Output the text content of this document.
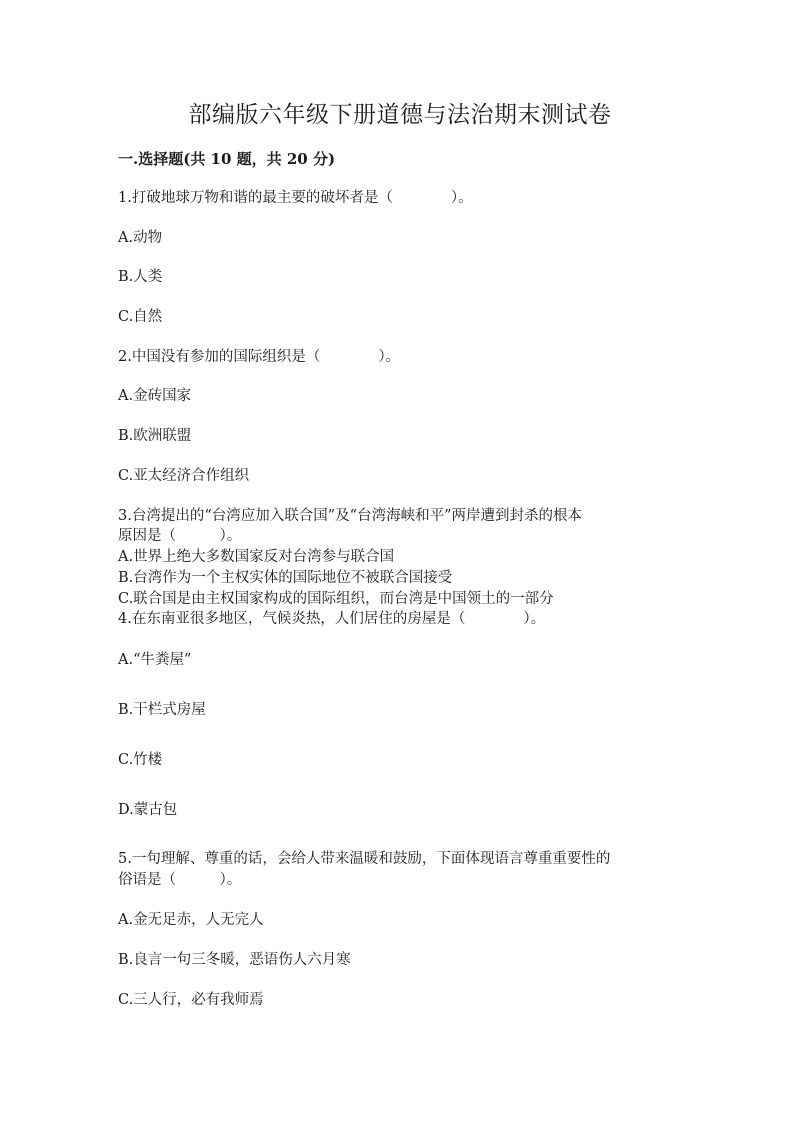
部编版六年级下册道德与法治期末测试卷
一.选择题(共 10 题，共 20 分)
1.打破地球万物和谐的最主要的破坏者是（　　　　）。
A.动物
B.人类
C.自然
2.中国没有参加的国际组织是（　　　　）。
A.金砖国家
B.欧洲联盟
C.亚太经济合作组织
3.台湾提出的“台湾应加入联合国”及“台湾海峡和平”两岸遭到封杀的根本
原因是（　　　）。
A.世界上绝大多数国家反对台湾参与联合国
B.台湾作为一个主权实体的国际地位不被联合国接受
C.联合国是由主权国家构成的国际组织，而台湾是中国领土的一部分
4.在东南亚很多地区，气候炎热，人们居住的房屋是（　　　　）。
A.“牛粪屋”
B.干栏式房屋
C.竹楼
D.蒙古包
5.一句理解、尊重的话，会给人带来温暖和鼓励，下面体现语言尊重重要性的
俗语是（　　　）。
A.金无足赤，人无完人
B.良言一句三冬暖，恶语伤人六月寒
C.三人行，必有我师焉
